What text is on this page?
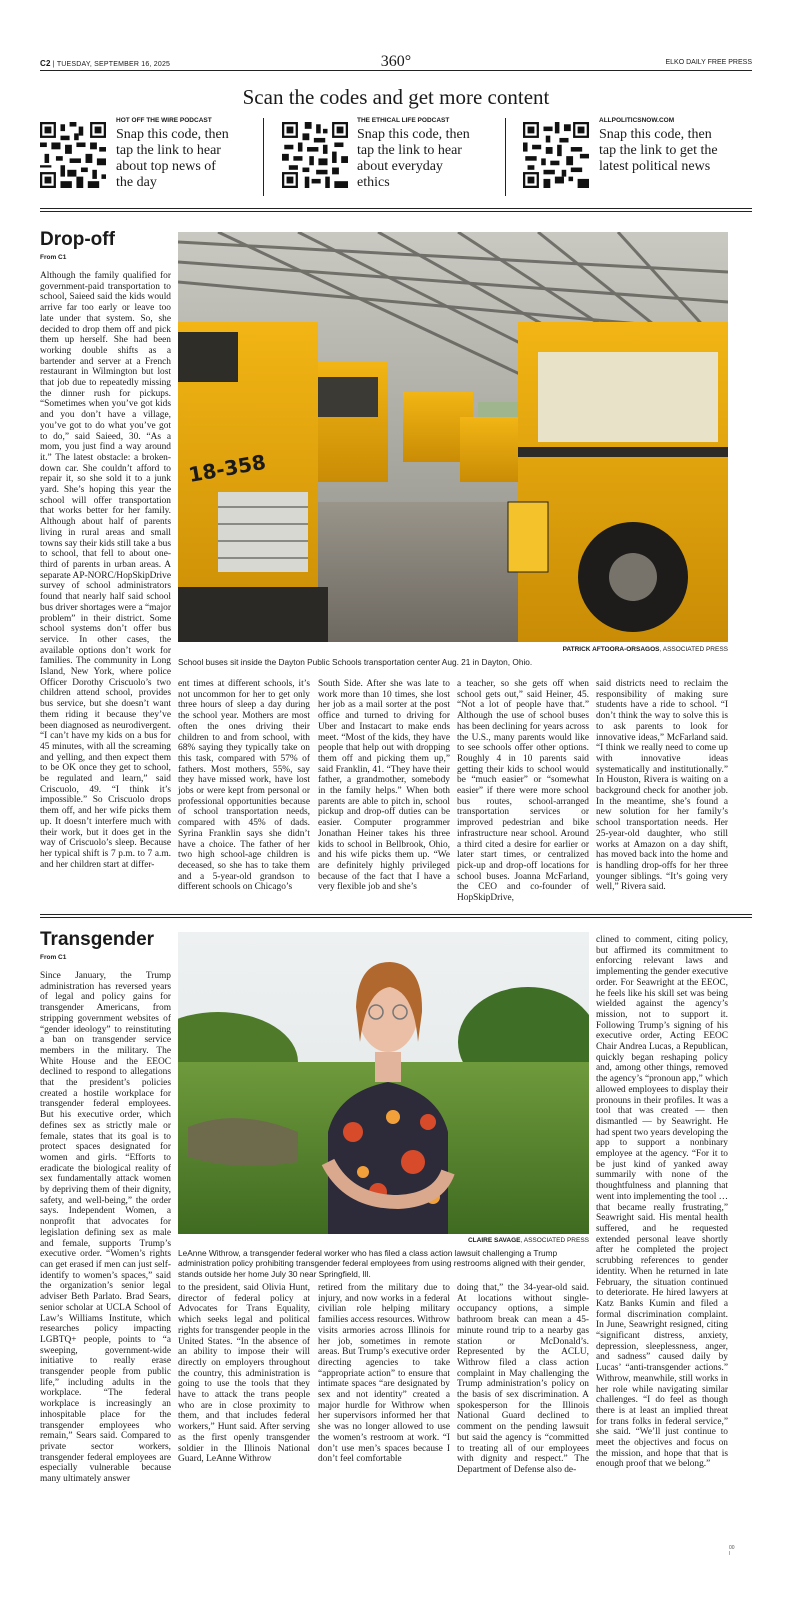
C2 | TUESDAY, SEPTEMBER 16, 2025	360°	ELKO DAILY FREE PRESS
Scan the codes and get more content
HOT OFF THE WIRE PODCAST
Snap this code, then tap the link to hear about top news of the day
THE ETHICAL LIFE PODCAST
Snap this code, then tap the link to hear about everyday ethics
ALLPOLITICSNOW.COM
Snap this code, then tap the link to get the latest political news
Drop-off
From C1
18-358
PATRICK AFTOORA-ORSAGOS, ASSOCIATED PRESS
School buses sit inside the Dayton Public Schools transportation center Aug. 21 in Dayton, Ohio.
Although the family qualified for government-paid transportation to school, Saieed said the kids would arrive far too early or leave too late under that system. So, she decided to drop them off and pick them up herself. She had been working double shifts as a bartender and server at a French restaurant in Wilmington but lost that job due to repeatedly missing the dinner rush for pickups. “Sometimes when you’ve got kids and you don’t have a village, you’ve got to do what you’ve got to do,” said Saieed, 30. “As a mom, you just find a way around it.” The latest obstacle: a broken-down car. She couldn’t afford to repair it, so she sold it to a junk yard. She’s hoping this year the school will offer transportation that works better for her family. Although about half of parents living in rural areas and small towns say their kids still take a bus to school, that fell to about one-third of parents in urban areas. A separate AP-NORC/HopSkipDrive survey of school administrators found that nearly half said school bus driver shortages were a “major problem” in their district. Some school systems don’t offer bus service. In other cases, the available options don’t work for families. The community in Long Island, New York, where police Officer Dorothy Criscuolo’s two children attend school, provides bus service, but she doesn’t want them riding it because they’ve been diagnosed as neurodivergent. “I can’t have my kids on a bus for 45 minutes, with all the screaming and yelling, and then expect them to be OK once they get to school, be regulated and learn,” said Criscuolo, 49. “I think it’s impossible.” So Criscuolo drops them off, and her wife picks them up. It doesn’t interfere much with their work, but it does get in the way of Criscuolo’s sleep. Because her typical shift is 7 p.m. to 7 a.m. and her children start at differ-
ent times at different schools, it’s not uncommon for her to get only three hours of sleep a day during the school year. Mothers are most often the ones driving their children to and from school, with 68% saying they typically take on this task, compared with 57% of fathers. Most mothers, 55%, say they have missed work, have lost jobs or were kept from personal or professional opportunities because of school transportation needs, compared with 45% of dads. Syrina Franklin says she didn’t have a choice. The father of her two high school-age children is deceased, so she has to take them and a 5-year-old grandson to different schools on Chicago’s
South Side. After she was late to work more than 10 times, she lost her job as a mail sorter at the post office and turned to driving for Uber and Instacart to make ends meet. “Most of the kids, they have people that help out with dropping them off and picking them up,” said Franklin, 41. “They have their father, a grandmother, somebody in the family helps.” When both parents are able to pitch in, school pickup and drop-off duties can be easier. Computer programmer Jonathan Heiner takes his three kids to school in Bellbrook, Ohio, and his wife picks them up. “We are definitely highly privileged because of the fact that I have a very flexible job and she’s
a teacher, so she gets off when school gets out,” said Heiner, 45. “Not a lot of people have that.” Although the use of school buses has been declining for years across the U.S., many parents would like to see schools offer other options. Roughly 4 in 10 parents said getting their kids to school would be “much easier” or “somewhat easier” if there were more school bus routes, school-arranged transportation services or improved pedestrian and bike infrastructure near school. Around a third cited a desire for earlier or later start times, or centralized pick-up and drop-off locations for school buses. Joanna McFarland, the CEO and co-founder of HopSkipDrive,
said districts need to reclaim the responsibility of making sure students have a ride to school. “I don’t think the way to solve this is to ask parents to look for innovative ideas,” McFarland said. “I think we really need to come up with innovative ideas systematically and institutionally.” In Houston, Rivera is waiting on a background check for another job. In the meantime, she’s found a new solution for her family’s school transportation needs. Her 25-year-old daughter, who still works at Amazon on a day shift, has moved back into the home and is handling drop-offs for her three younger siblings. “It’s going very well,” Rivera said.
Transgender
From C1
CLAIRE SAVAGE, ASSOCIATED PRESS
LeAnne Withrow, a transgender federal worker who has filed a class action lawsuit challenging a Trump administration policy prohibiting transgender federal employees from using restrooms aligned with their gender, stands outside her home July 30 near Springfield, Ill.
Since January, the Trump administration has reversed years of legal and policy gains for transgender Americans, from stripping government websites of “gender ideology” to reinstituting a ban on transgender service members in the military. The White House and the EEOC declined to respond to allegations that the president’s policies created a hostile workplace for transgender federal employees. But his executive order, which defines sex as strictly male or female, states that its goal is to protect spaces designated for women and girls. “Efforts to eradicate the biological reality of sex fundamentally attack women by depriving them of their dignity, safety, and well-being,” the order says. Independent Women, a nonprofit that advocates for legislation defining sex as male and female, supports Trump’s executive order. “Women’s rights can get erased if men can just self-identify to women’s spaces,” said the organization’s senior legal adviser Beth Parlato. Brad Sears, senior scholar at UCLA School of Law’s Williams Institute, which researches policy impacting LGBTQ+ people, points to “a sweeping, government-wide initiative to really erase transgender people from public life,” including adults in the workplace. “The federal workplace is increasingly an inhospitable place for the transgender employees who remain,” Sears said. Compared to private sector workers, transgender federal employees are especially vulnerable because many ultimately answer
to the president, said Olivia Hunt, director of federal policy at Advocates for Trans Equality, which seeks legal and political rights for transgender people in the United States. “In the absence of an ability to impose their will directly on employers throughout the country, this administration is going to use the tools that they have to attack the trans people who are in close proximity to them, and that includes federal workers,” Hunt said. After serving as the first openly transgender soldier in the Illinois National Guard, LeAnne Withrow
retired from the military due to injury, and now works in a federal civilian role helping military families access resources. Withrow visits armories across Illinois for her job, sometimes in remote areas. But Trump’s executive order directing agencies to take “appropriate action” to ensure that intimate spaces “are designated by sex and not identity” created a major hurdle for Withrow when her supervisors informed her that she was no longer allowed to use the women’s restroom at work. “I don’t use men’s spaces because I don’t feel comfortable
doing that,” the 34-year-old said. At locations without single-occupancy options, a simple bathroom break can mean a 45-minute round trip to a nearby gas station or McDonald’s. Represented by the ACLU, Withrow filed a class action complaint in May challenging the Trump administration’s policy on the basis of sex discrimination. A spokesperson for the Illinois National Guard declined to comment on the pending lawsuit but said the agency is “committed to treating all of our employees with dignity and respect.” The Department of Defense also de-
clined to comment, citing policy, but affirmed its commitment to enforcing relevant laws and implementing the gender executive order. For Seawright at the EEOC, he feels like his skill set was being wielded against the agency’s mission, not to support it. Following Trump’s signing of his executive order, Acting EEOC Chair Andrea Lucas, a Republican, quickly began reshaping policy and, among other things, removed the agency’s “pronoun app,” which allowed employees to display their pronouns in their profiles. It was a tool that was created — then dismantled — by Seawright. He had spent two years developing the app to support a nonbinary employee at the agency. “For it to be just kind of yanked away summarily with none of the thoughtfulness and planning that went into implementing the tool … that became really frustrating,” Seawright said. His mental health suffered, and he requested extended personal leave shortly after he completed the project scrubbing references to gender identity. When he returned in late February, the situation continued to deteriorate. He hired lawyers at Katz Banks Kumin and filed a formal discrimination complaint. In June, Seawright resigned, citing “significant distress, anxiety, depression, sleeplessness, anger, and sadness” caused daily by Lucas’ “anti-transgender actions.” Withrow, meanwhile, still works in her role while navigating similar challenges. “I do feel as though there is at least an implied threat for trans folks in federal service,” she said. “We’ll just continue to meet the objectives and focus on the mission, and hope that that is enough proof that we belong.”
00
I
